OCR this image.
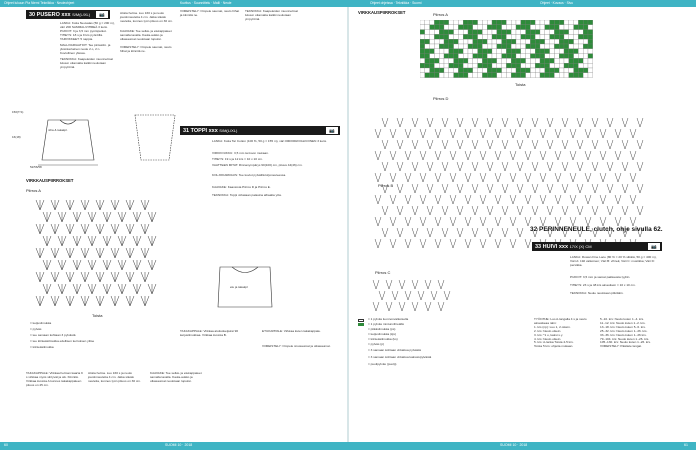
Ohjeet lukuun Pia Niemi Tekniikka · Neuleohjeet	Kuvitus · Suunnittelu · Malli · Neule	Ohjeet ohjeissa · Tekniikka · Suomi	Ohjeet · Kuvaus · Sivu
30 PUSERO xxx S/M(L/XL)	📷
LANKA: Kotia Neuvalas (50 g = 200 m), väri 200 SAMMAL/VIHREÄ 3 kerä. PUIKOT: 3 ja 3,5 mm pyöröpuikot. TIHEYS: 18 s ja 9 krs pyöröillä. TARVIKKEET: 5 nappia.
MALLIVARIAATIOT: Tee pintasilm. ja yksinkertainen neule 2 o, 2 n. Kuviollinen yläosa.
TEKNIIKKA: Kaapeleiden muunnelmat lukuun ottamatta kaikki neulotaan ympyröinä.
Aloita helma. Luo 160 s ja neulo joustinneuletta 4 cm. Jatka sileää neuletta, kunnes työn pituus on 30 cm.
KAAVAKE: Tee selkä- ja etukappaleet samalla tavalla. Kaula-aukko ja olkasaumat neulotaan lopuksi.
VIIMEISTELY: Ompele saumat, neulo hihat ja kiinnitä ne.
niha & takakpl.
150(T.S)
16(18)
52/56/58
VIRKKAUSPIIRROKSET
Piirros A
Toista
= ketjusilmukka
= pylväs
= tee samaan kohtaan 3 pylvästä
= tee kiinteäsilmukka edellisen kerroksen ylitse
= kiinteäsilmukka
TAKAKAPPALE: Virkkaa helman kaarta 9 s virkkaa myös siirtyvät ja oik. Kiinnitä. Virkkaa kuviota A kunnes takakappaleen pituus on 45 cm.
Aloita helma. Luo 160 s ja neulo joustinneuletta 4 cm. Jatka sileää neuletta, kunnes työn pituus on 30 cm.
KAAVAKE: Tee selkä- ja etukappaleet samalla tavalla. Kaula-aukko ja olkasaumat neulotaan lopuksi.
VIIMEISTELY: Ompele saumat, neulo hihat ja kiinnitä ne.
TEKNIIKKA: Kaapeleiden muunnelmat lukuun ottamatta kaikki neulotaan ympyröinä.
31 TOPPI xxx S/M(L/XL)	📷
LANKA: Kotia Tar Cotton (100 %, 50 g = 155 m), väri 000/0002/VALKOINEN 3 kerä.
VIRKKOUKKU: 3,5 mm tai koon mukaan.
TIHEYS: 19 s ja 12 krs = 10 x 10 cm.
VAATTEEN MITAT: Rinnanympärys 90(100) cm, pituus 44(46) cm.
KOLJOKARRAUS: Tee kuviot pylväillä kirjoneuleessa.
KAAVAKE: Kaaviosta Piirros D ja Piirros E.
TEKNIIKKA: Toppi virkataan palasina alhaalta ylös.
etu ja takakpl
TAKAKAPPALE: Virkkaa aloitusketjuksi 90 ketjusilmukkaa. Virkkaa kuviota B.
ETUKAPPALE: Virkkaa kuten takakappale.
VIIMEISTELY: Ompele sivusaumat ja olkasaumat.
VIRKKAUSPIIRROKSET	Piirros A
Toista
Piirros D
Piirros B
Piirros C
= 1 pylväs luonnonvalkoisella
= 1 pylväs mintunvihreällä
= pitkäsilmukka (ps)
= ketjusilmukka (kjs)
= kiinteäsilmukka (ks)
= pylväs (p)
= 3 samaan kohtaan virkattua pylvästä
= 3 samaan kohtaan virkattua kaksoispylvästä
= puolipylväs (puolp)
32 PERINNENEULE, clutch, ohje sivulla 62.
33 HUIVI xxx 17/X (X) CM	📷
LANKA: Rowan Fine Lace (80 % = 20 % silkkiä, 50 g = 400 m), Väri A: 192 valkoinen; Väri B: vihreä; Väri C: mustikka; Väri D: persikka.
PUIKOT: 3,5 mm ja samat pakkausta tyyliin.
TIHEYS: 23 s ja 48 krs ainaoikein = 10 x 10 cm.
TEKNIIKKA: Neule neulotaan pitkittäin.
TYÖOHJE: Luo A-langalla 4 s ja neulo
ainaoikeaa näin:
1. krs (np): Luo 1, 2 oikein.
2. krs: Neulo oikein.
3. krs: *1 o, kaksi s.y.
4. krs: Neulo oikein.
5. krs: A-lanka Toista 4-5 krs.
Toista 5 krs: ohjeita mukaan.
5.-10. krs: Neulo kuten 1.-4. krs.
11.-12. krs: Neulo kuten 1.-2. krs.
13.-18. krs: Neulo kuten 5.-6. krs.
25.-32. krs: Neulo kuten 1.-26. krs.
33.-36. krs: Neulo kuten 1.-26 krs.
79.-104. krs: Neulo kuten 1.-26. krs.
105.-130. krs: Neulo kuten 1.-26. krs.
VIIMEISTELY: Päättele langat.
60	SUOMI 10 · 2018	SUOMI 10 · 2018	61
